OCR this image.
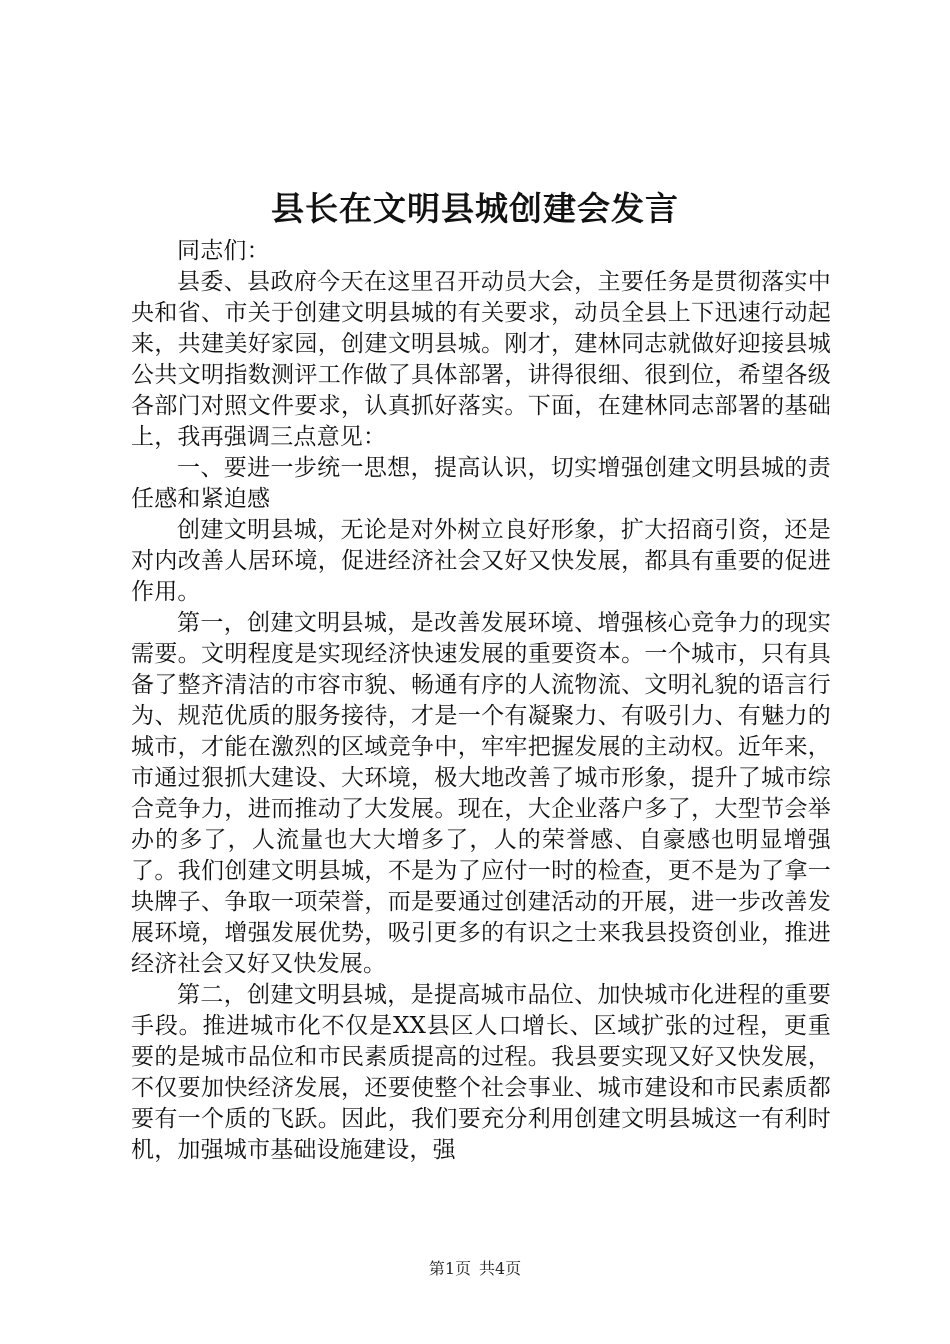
县长在文明县城创建会发言

同志们：

县委、县政府今天在这里召开动员大会，主要任务是贯彻落实中央和省、市关于创建文明县城的有关要求，动员全县上下迅速行动起来，共建美好家园，创建文明县城。刚才，建林同志就做好迎接县城公共文明指数测评工作做了具体部署，讲得很细、很到位，希望各级各部门对照文件要求，认真抓好落实。下面，在建林同志部署的基础上，我再强调三点意见：

一、要进一步统一思想，提高认识，切实增强创建文明县城的责任感和紧迫感

创建文明县城，无论是对外树立良好形象，扩大招商引资，还是对内改善人居环境，促进经济社会又好又快发展，都具有重要的促进作用。

第一，创建文明县城，是改善发展环境、增强核心竞争力的现实需要。文明程度是实现经济快速发展的重要资本。一个城市，只有具备了整齐清洁的市容市貌、畅通有序的人流物流、文明礼貌的语言行为、规范优质的服务接待，才是一个有凝聚力、有吸引力、有魅力的城市，才能在激烈的区域竞争中，牢牢把握发展的主动权。近年来，市通过狠抓大建设、大环境，极大地改善了城市形象，提升了城市综合竞争力，进而推动了大发展。现在，大企业落户多了，大型节会举办的多了，人流量也大大增多了，人的荣誉感、自豪感也明显增强了。我们创建文明县城，不是为了应付一时的检查，更不是为了拿一块牌子、争取一项荣誉，而是要通过创建活动的开展，进一步改善发展环境，增强发展优势，吸引更多的有识之士来我县投资创业，推进经济社会又好又快发展。

第二，创建文明县城，是提高城市品位、加快城市化进程的重要手段。推进城市化不仅是XX县区人口增长、区域扩张的过程，更重要的是城市品位和市民素质提高的过程。我县要实现又好又快发展，不仅要加快经济发展，还要使整个社会事业、城市建设和市民素质都要有一个质的飞跃。因此，我们要充分利用创建文明县城这一有利时机，加强城市基础设施建设，强

第1页 共4页
